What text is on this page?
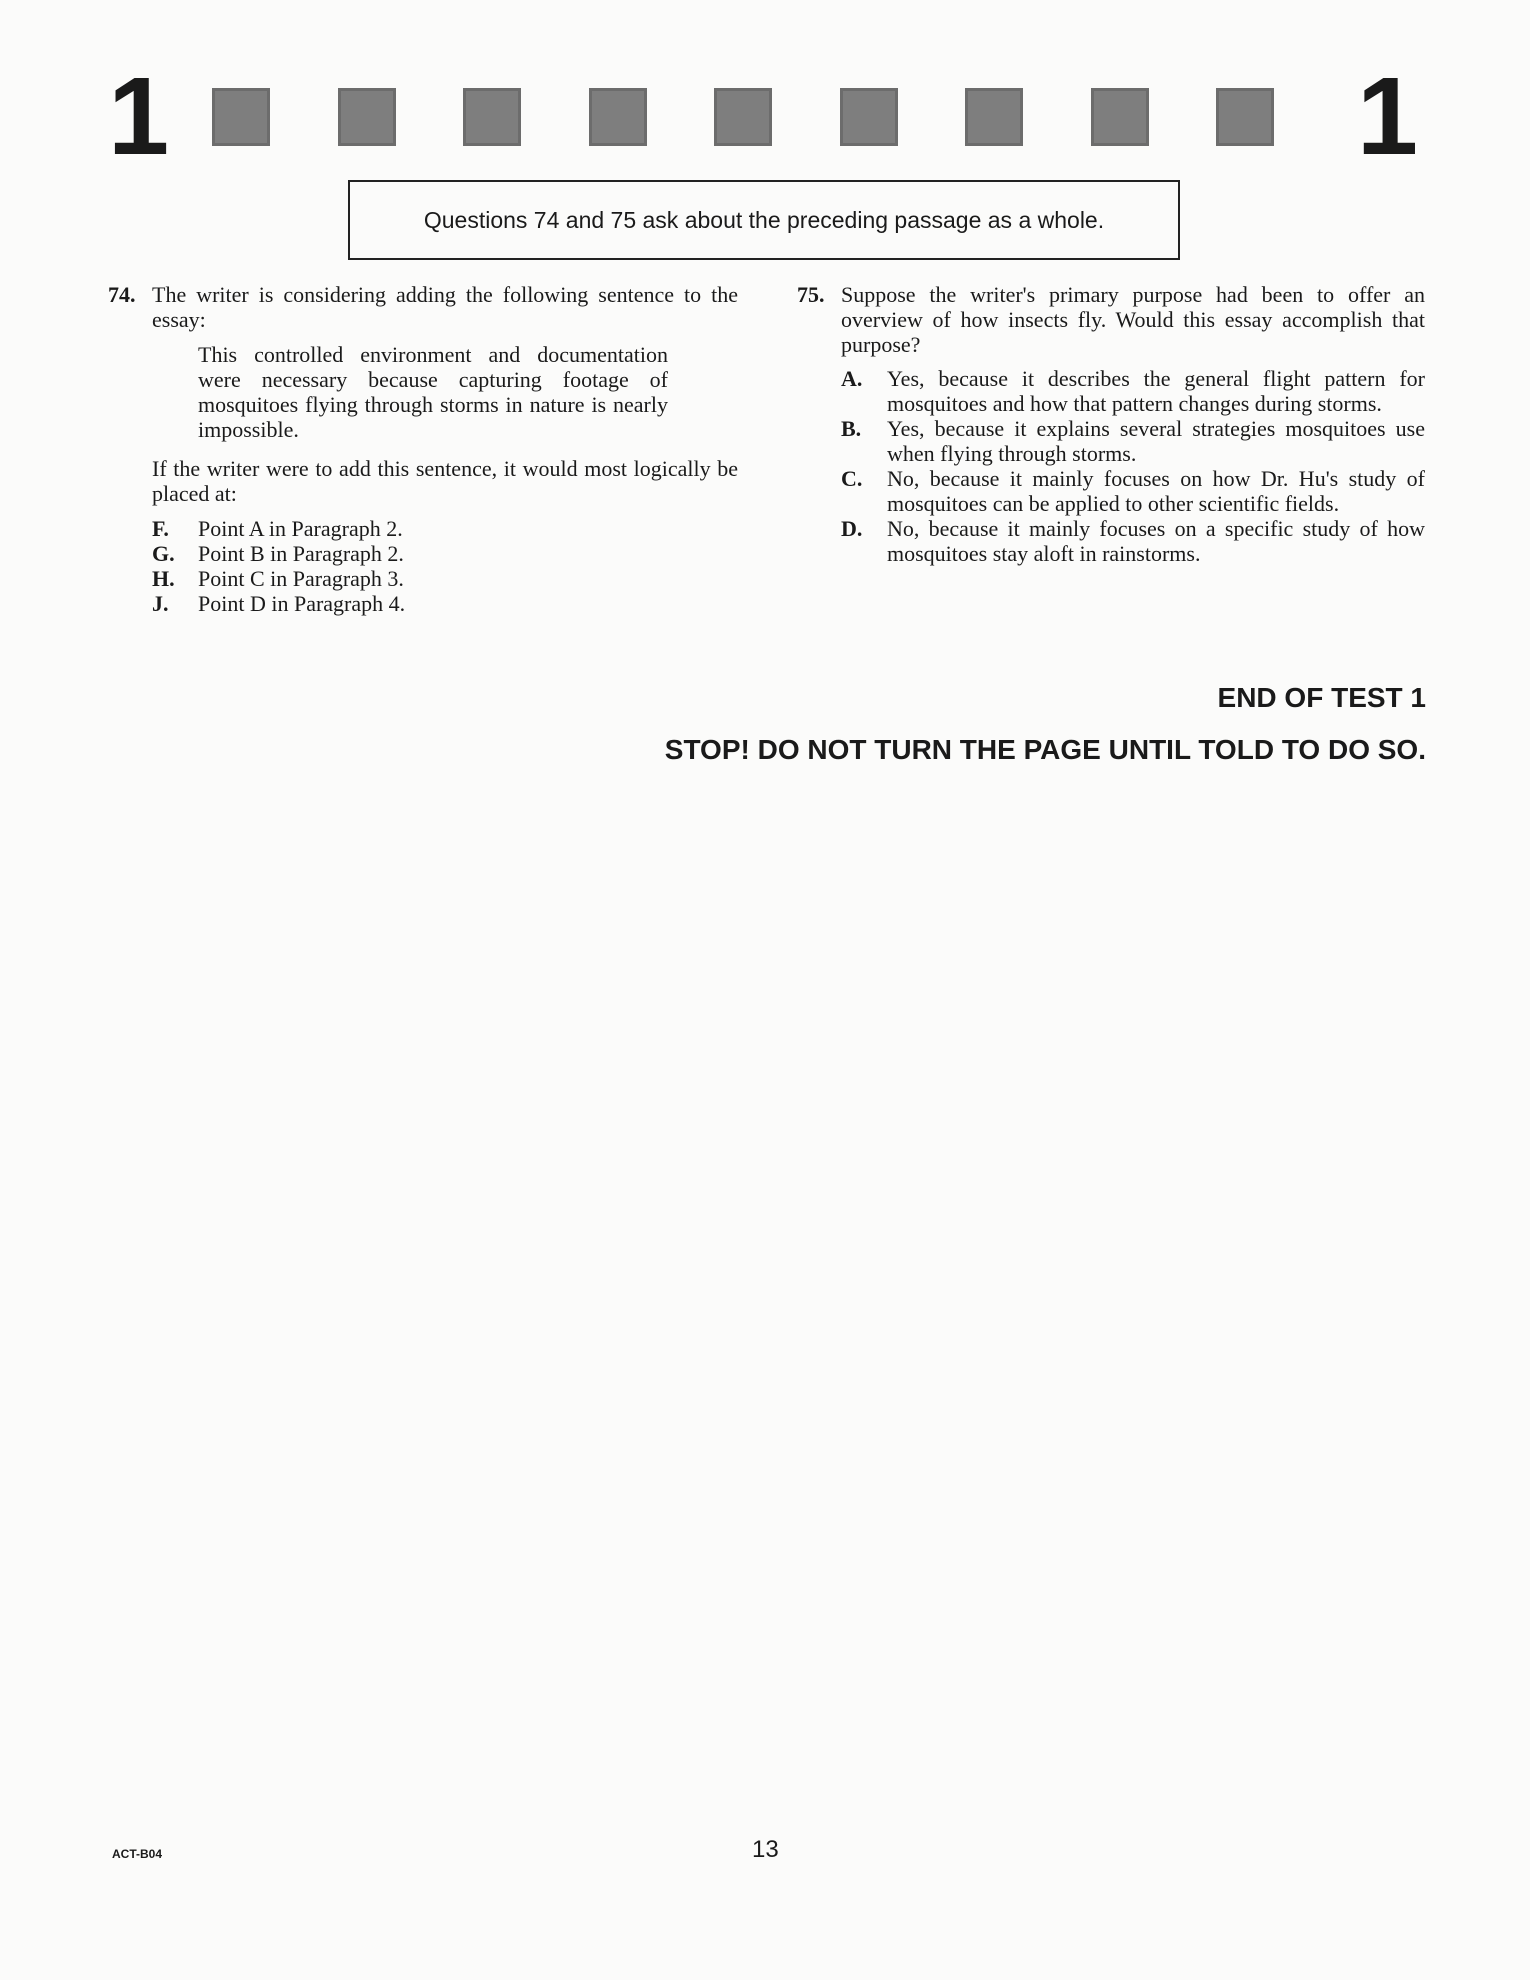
1	1
Questions 74 and 75 ask about the preceding passage as a whole.
74. The writer is considering adding the following sentence to the essay:
This controlled environment and documentation were necessary because capturing footage of mosquitoes flying through storms in nature is nearly impossible.
If the writer were to add this sentence, it would most logically be placed at:
F.	Point A in Paragraph 2.
G.	Point B in Paragraph 2.
H.	Point C in Paragraph 3.
J.	Point D in Paragraph 4.
75. Suppose the writer's primary purpose had been to offer an overview of how insects fly. Would this essay accomplish that purpose?
A.	Yes, because it describes the general flight pattern for mosquitoes and how that pattern changes during storms.
B.	Yes, because it explains several strategies mosquitoes use when flying through storms.
C.	No, because it mainly focuses on how Dr. Hu's study of mosquitoes can be applied to other scientific fields.
D.	No, because it mainly focuses on a specific study of how mosquitoes stay aloft in rainstorms.
END OF TEST 1
STOP! DO NOT TURN THE PAGE UNTIL TOLD TO DO SO.
ACT-B04	13
